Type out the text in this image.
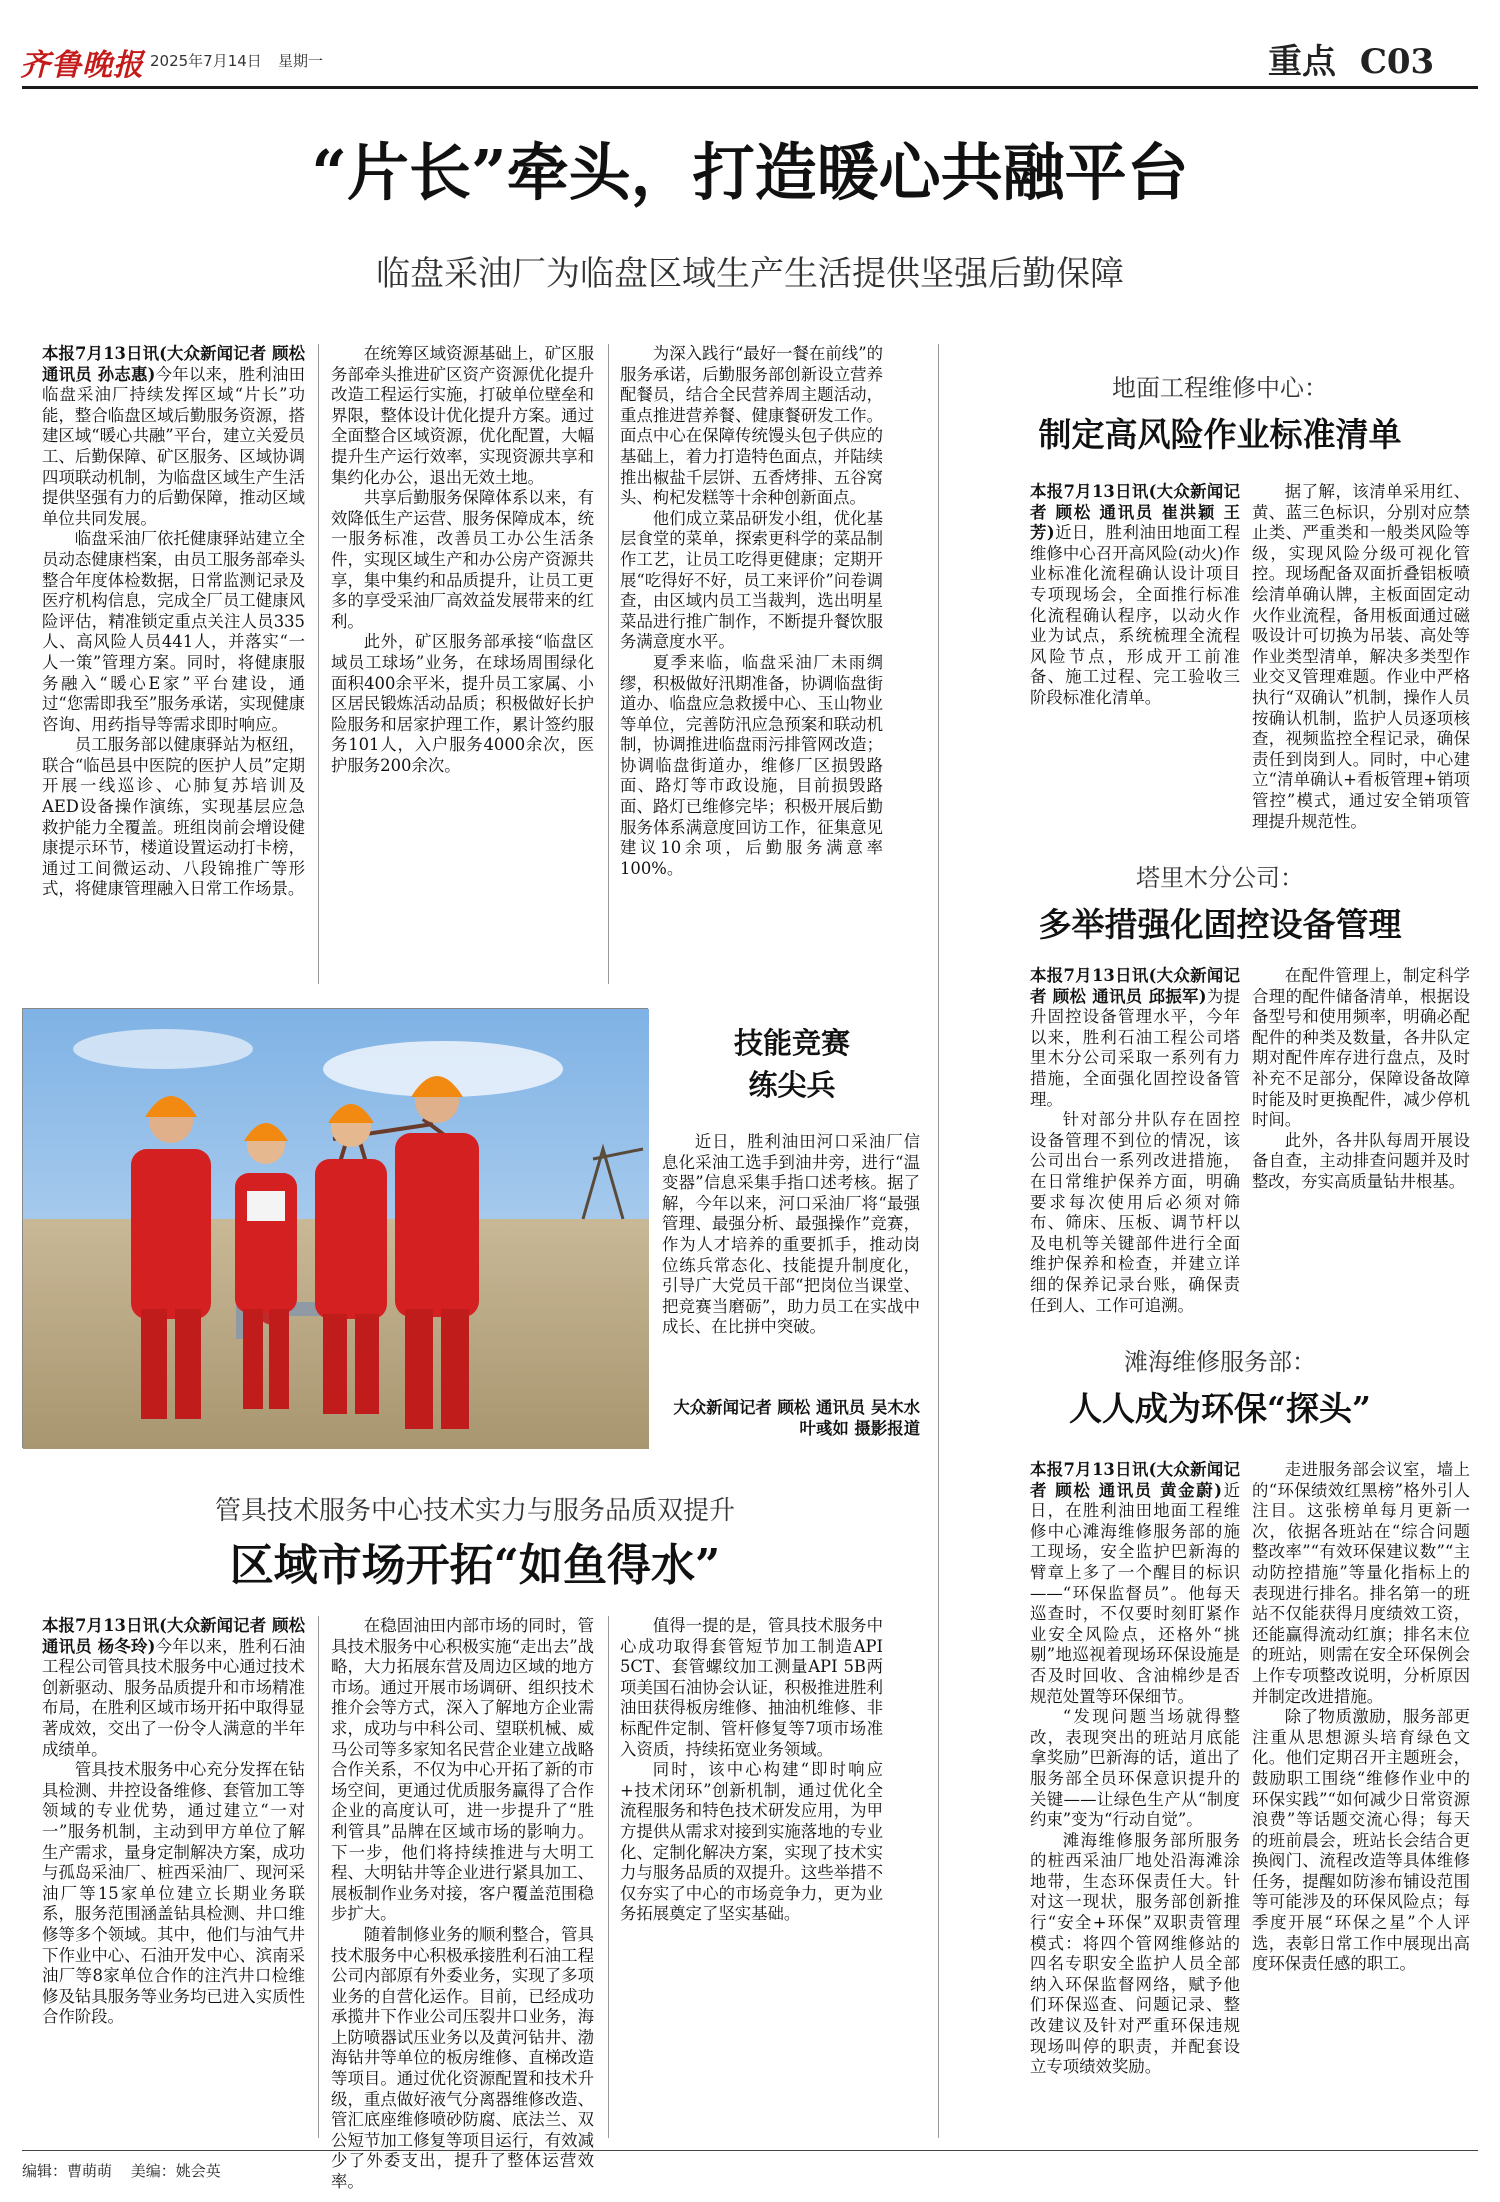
齐鲁晚报 2025年7月14日 星期一	重点 C03
“片长”牵头，打造暖心共融平台
临盘采油厂为临盘区域生产生活提供坚强后勤保障

本报7月13日讯(大众新闻记者 顾松 通讯员 孙志惠)今年以来，胜利油田临盘采油厂持续发挥区域“片长”功能，整合临盘区域后勤服务资源，搭建区域“暖心共融”平台，建立关爱员工、后勤保障、矿区服务、区域协调四项联动机制，为临盘区域生产生活提供坚强有力的后勤保障，推动区域单位共同发展。

临盘采油厂依托健康驿站建立全员动态健康档案，由员工服务部牵头整合年度体检数据，日常监测记录及医疗机构信息，完成全厂员工健康风险评估，精准锁定重点关注人员335人、高风险人员441人，并落实“一人一策”管理方案。同时，将健康服务融入“暖心E家”平台建设，通过“您需即我至”服务承诺，实现健康咨询、用药指导等需求即时响应。

员工服务部以健康驿站为枢纽，联合“临邑县中医院的医护人员”定期开展一线巡诊、心肺复苏培训及AED设备操作演练，实现基层应急救护能力全覆盖。班组岗前会增设健康提示环节，楼道设置运动打卡榜，通过工间微运动、八段锦推广等形式，将健康管理融入日常工作场景。

在统筹区域资源基础上，矿区服务部牵头推进矿区资产资源优化提升改造工程运行实施，打破单位壁垒和界限，整体设计优化提升方案。通过全面整合区域资源，优化配置，大幅提升生产运行效率，实现资源共享和集约化办公，退出无效土地。

共享后勤服务保障体系以来，有效降低生产运营、服务保障成本，统一服务标准，改善员工办公生活条件，实现区域生产和办公房产资源共享，集中集约和品质提升，让员工更多的享受采油厂高效益发展带来的红利。

此外，矿区服务部承接“临盘区域员工球场”业务，在球场周围绿化面积400余平米，提升员工家属、小区居民锻炼活动品质；积极做好长护险服务和居家护理工作，累计签约服务101人，入户服务4000余次，医护服务200余次。

为深入践行“最好一餐在前线”的服务承诺，后勤服务部创新设立营养配餐员，结合全民营养周主题活动，重点推进营养餐、健康餐研发工作。面点中心在保障传统馒头包子供应的基础上，着力打造特色面点，并陆续推出椒盐千层饼、五香烤排、五谷窝头、枸杞发糕等十余种创新面点。

他们成立菜品研发小组，优化基层食堂的菜单，探索更科学的菜品制作工艺，让员工吃得更健康；定期开展“吃得好不好，员工来评价”问卷调查，由区域内员工当裁判，选出明星菜品进行推广制作，不断提升餐饮服务满意度水平。

夏季来临，临盘采油厂未雨绸缪，积极做好汛期准备，协调临盘街道办、临盘应急救援中心、玉山物业等单位，完善防汛应急预案和联动机制，协调推进临盘雨污排管网改造；协调临盘街道办，维修厂区损毁路面、路灯等市政设施，目前损毁路面、路灯已维修完毕；积极开展后勤服务体系满意度回访工作，征集意见建议10余项，后勤服务满意率100%。

技能竞赛
练尖兵

近日，胜利油田河口采油厂信息化采油工选手到油井旁，进行“温变器”信息采集手指口述考核。据了解，今年以来，河口采油厂将“最强管理、最强分析、最强操作”竞赛，作为人才培养的重要抓手，推动岗位练兵常态化、技能提升制度化，引导广大党员干部“把岗位当课堂、把竞赛当磨砺”，助力员工在实战中成长、在比拼中突破。

大众新闻记者 顾松 通讯员 吴木水 叶彧如 摄影报道

管具技术服务中心技术实力与服务品质双提升
区域市场开拓“如鱼得水”

本报7月13日讯(大众新闻记者 顾松 通讯员 杨冬玲)今年以来，胜利石油工程公司管具技术服务中心通过技术创新驱动、服务品质提升和市场精准布局，在胜利区域市场开拓中取得显著成效，交出了一份令人满意的半年成绩单。

管具技术服务中心充分发挥在钻具检测、井控设备维修、套管加工等领域的专业优势，通过建立“一对一”服务机制，主动到甲方单位了解生产需求，量身定制解决方案，成功与孤岛采油厂、桩西采油厂、现河采油厂等15家单位建立长期业务联系，服务范围涵盖钻具检测、井口维修等多个领域。其中，他们与油气井下作业中心、石油开发中心、滨南采油厂等8家单位合作的注汽井口检维修及钻具服务等业务均已进入实质性合作阶段。

在稳固油田内部市场的同时，管具技术服务中心积极实施“走出去”战略，大力拓展东营及周边区域的地方市场。通过开展市场调研、组织技术推介会等方式，深入了解地方企业需求，成功与中科公司、望联机械、威马公司等多家知名民营企业建立战略合作关系，不仅为中心开拓了新的市场空间，更通过优质服务赢得了合作企业的高度认可，进一步提升了“胜利管具”品牌在区域市场的影响力。下一步，他们将持续推进与大明工程、大明钻井等企业进行紧具加工、展板制作业务对接，客户覆盖范围稳步扩大。

随着制修业务的顺利整合，管具技术服务中心积极承接胜利石油工程公司内部原有外委业务，实现了多项业务的自营化运作。目前，已经成功承揽井下作业公司压裂井口业务，海上防喷器试压业务以及黄河钻井、渤海钻井等单位的板房维修、直梯改造等项目。通过优化资源配置和技术升级，重点做好液气分离器维修改造、管汇底座维修喷砂防腐、底法兰、双公短节加工修复等项目运行，有效减少了外委支出，提升了整体运营效率。

值得一提的是，管具技术服务中心成功取得套管短节加工制造API 5CT、套管螺纹加工测量API 5B两项美国石油协会认证，积极推进胜利油田获得板房维修、抽油机维修、非标配件定制、管杆修复等7项市场准入资质，持续拓宽业务领域。

同时，该中心构建“即时响应+技术闭环”创新机制，通过优化全流程服务和特色技术研发应用，为甲方提供从需求对接到实施落地的专业化、定制化解决方案，实现了技术实力与服务品质的双提升。这些举措不仅夯实了中心的市场竞争力，更为业务拓展奠定了坚实基础。

地面工程维修中心：
制定高风险作业标准清单

本报7月13日讯(大众新闻记者 顾松 通讯员 崔洪颖 王芳)近日，胜利油田地面工程维修中心召开高风险(动火)作业标准化流程确认设计项目专项现场会，全面推行标准化流程确认程序，以动火作业为试点，系统梳理全流程风险节点，形成开工前准备、施工过程、完工验收三阶段标准化清单。

据了解，该清单采用红、黄、蓝三色标识，分别对应禁止类、严重类和一般类风险等级，实现风险分级可视化管控。现场配备双面折叠铝板喷绘清单确认牌，主板面固定动火作业流程，备用板面通过磁吸设计可切换为吊装、高处等作业类型清单，解决多类型作业交叉管理难题。作业中严格执行“双确认”机制，操作人员按确认机制，监护人员逐项核查，视频监控全程记录，确保责任到岗到人。同时，中心建立“清单确认+看板管理+销项管控”模式，通过安全销项管理提升规范性。

塔里木分公司：
多举措强化固控设备管理

本报7月13日讯(大众新闻记者 顾松 通讯员 邱振军)为提升固控设备管理水平，今年以来，胜利石油工程公司塔里木分公司采取一系列有力措施，全面强化固控设备管理。

针对部分井队存在固控设备管理不到位的情况，该公司出台一系列改进措施，在日常维护保养方面，明确要求每次使用后必须对筛布、筛床、压板、调节杆以及电机等关键部件进行全面维护保养和检查，并建立详细的保养记录台账，确保责任到人、工作可追溯。

在配件管理上，制定科学合理的配件储备清单，根据设备型号和使用频率，明确必配配件的种类及数量，各井队定期对配件库存进行盘点，及时补充不足部分，保障设备故障时能及时更换配件，减少停机时间。

此外，各井队每周开展设备自查，主动排查问题并及时整改，夯实高质量钻井根基。

滩海维修服务部：
人人成为环保“探头”

本报7月13日讯(大众新闻记者 顾松 通讯员 黄金蔚)近日，在胜利油田地面工程维修中心滩海维修服务部的施工现场，安全监护巴新海的臂章上多了一个醒目的标识——“环保监督员”。他每天巡查时，不仅要时刻盯紧作业安全风险点，还格外“挑剔”地巡视着现场环保设施是否及时回收、含油棉纱是否规范处置等环保细节。

“发现问题当场就得整改，表现突出的班站月底能拿奖励”巴新海的话，道出了服务部全员环保意识提升的关键——让绿色生产从“制度约束”变为“行动自觉”。

滩海维修服务部所服务的桩西采油厂地处沿海滩涂地带，生态环保责任大。针对这一现状，服务部创新推行“安全+环保”双职责管理模式：将四个管网维修站的四名专职安全监护人员全部纳入环保监督网络，赋予他们环保巡查、问题记录、整改建议及针对严重环保违规现场叫停的职责，并配套设立专项绩效奖励。

走进服务部会议室，墙上的“环保绩效红黑榜”格外引人注目。这张榜单每月更新一次，依据各班站在“综合问题整改率”“有效环保建议数”“主动防控措施”等量化指标上的表现进行排名。排名第一的班站不仅能获得月度绩效工资，还能赢得流动红旗；排名末位的班站，则需在安全环保例会上作专项整改说明，分析原因并制定改进措施。

除了物质激励，服务部更注重从思想源头培育绿色文化。他们定期召开主题班会，鼓励职工围绕“维修作业中的环保实践”“如何减少日常资源浪费”等话题交流心得；每天的班前晨会，班站长会结合更换阀门、流程改造等具体维修任务，提醒如防渗布铺设范围等可能涉及的环保风险点；每季度开展“环保之星”个人评选，表彰日常工作中展现出高度环保责任感的职工。

编辑：曹萌萌 美编：姚会英
